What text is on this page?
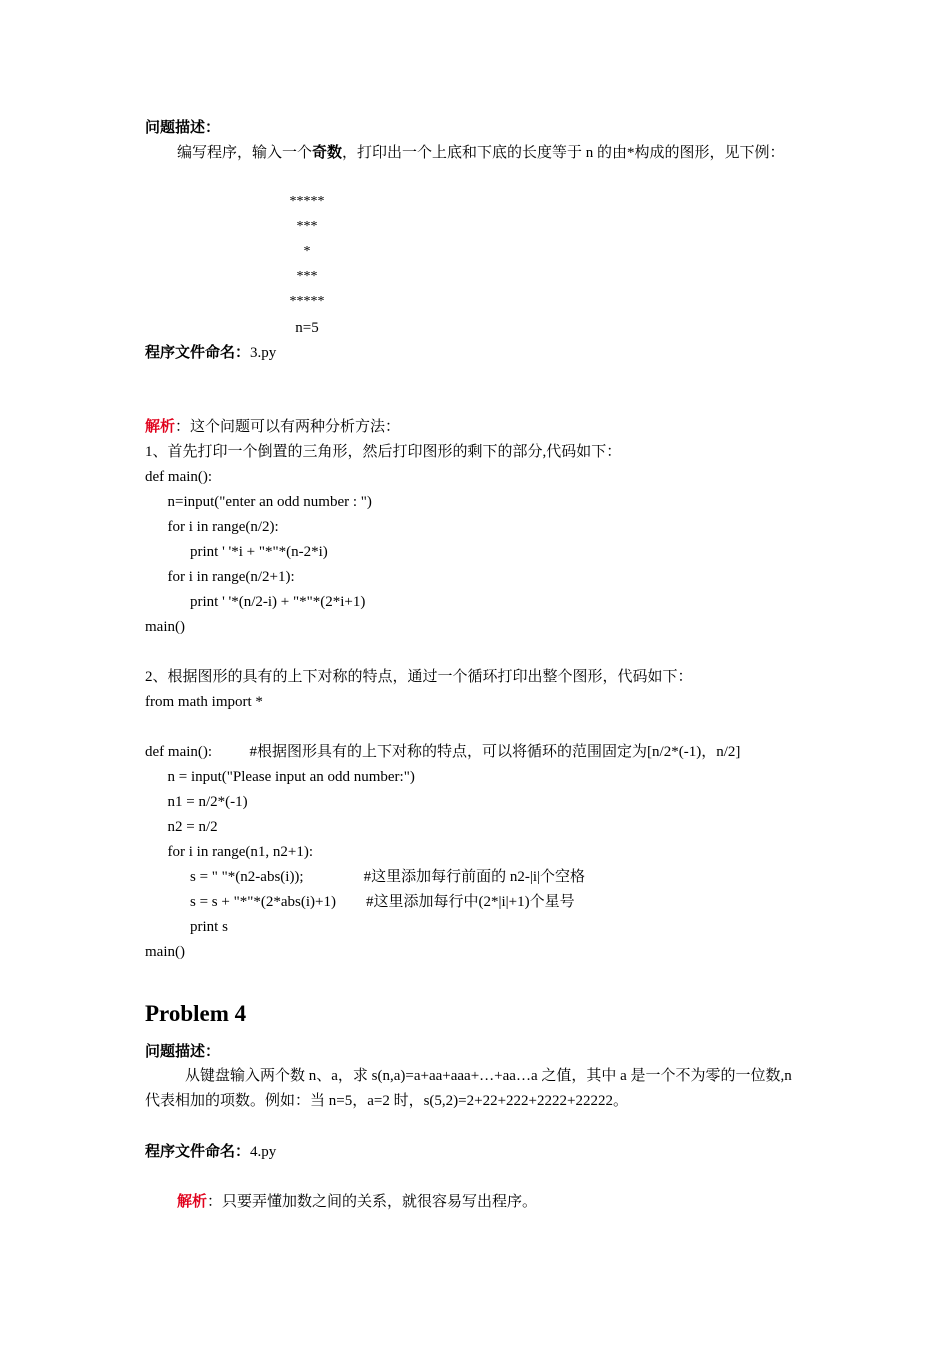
问题描述：
编写程序，输入一个奇数，打印出一个上底和下底的长度等于 n 的由*构成的图形，见下例：
*****
***
*
***
*****
n=5
程序文件命名：3.py
解析：这个问题可以有两种分析方法：
1、首先打印一个倒置的三角形，然后打印图形的剩下的部分,代码如下：
def main():
n=input("enter an odd number : ")
for i in range(n/2):
print ' '*i + "*"*(n-2*i)
for i in range(n/2+1):
print ' '*(n/2-i) + "*"*(2*i+1)
main()
2、根据图形的具有的上下对称的特点，通过一个循环打印出整个图形，代码如下：
from math import *
def main():          #根据图形具有的上下对称的特点，可以将循环的范围固定为[n/2*(-1)，n/2]
n = input("Please input an odd number:")
n1 = n/2*(-1)
n2 = n/2
for i in range(n1, n2+1):
s = " "*(n2-abs(i));                #这里添加每行前面的 n2-|i|个空格
s = s + "*"*(2*abs(i)+1)        #这里添加每行中(2*|i|+1)个星号
print s
main()
Problem 4
问题描述：
从键盘输入两个数 n、a，求 s(n,a)=a+aa+aaa+…+aa…a 之值，其中 a 是一个不为零的一位数,n 代表相加的项数。例如：当 n=5，a=2 时，s(5,2)=2+22+222+2222+22222。
程序文件命名：4.py
解析：只要弄懂加数之间的关系，就很容易写出程序。
